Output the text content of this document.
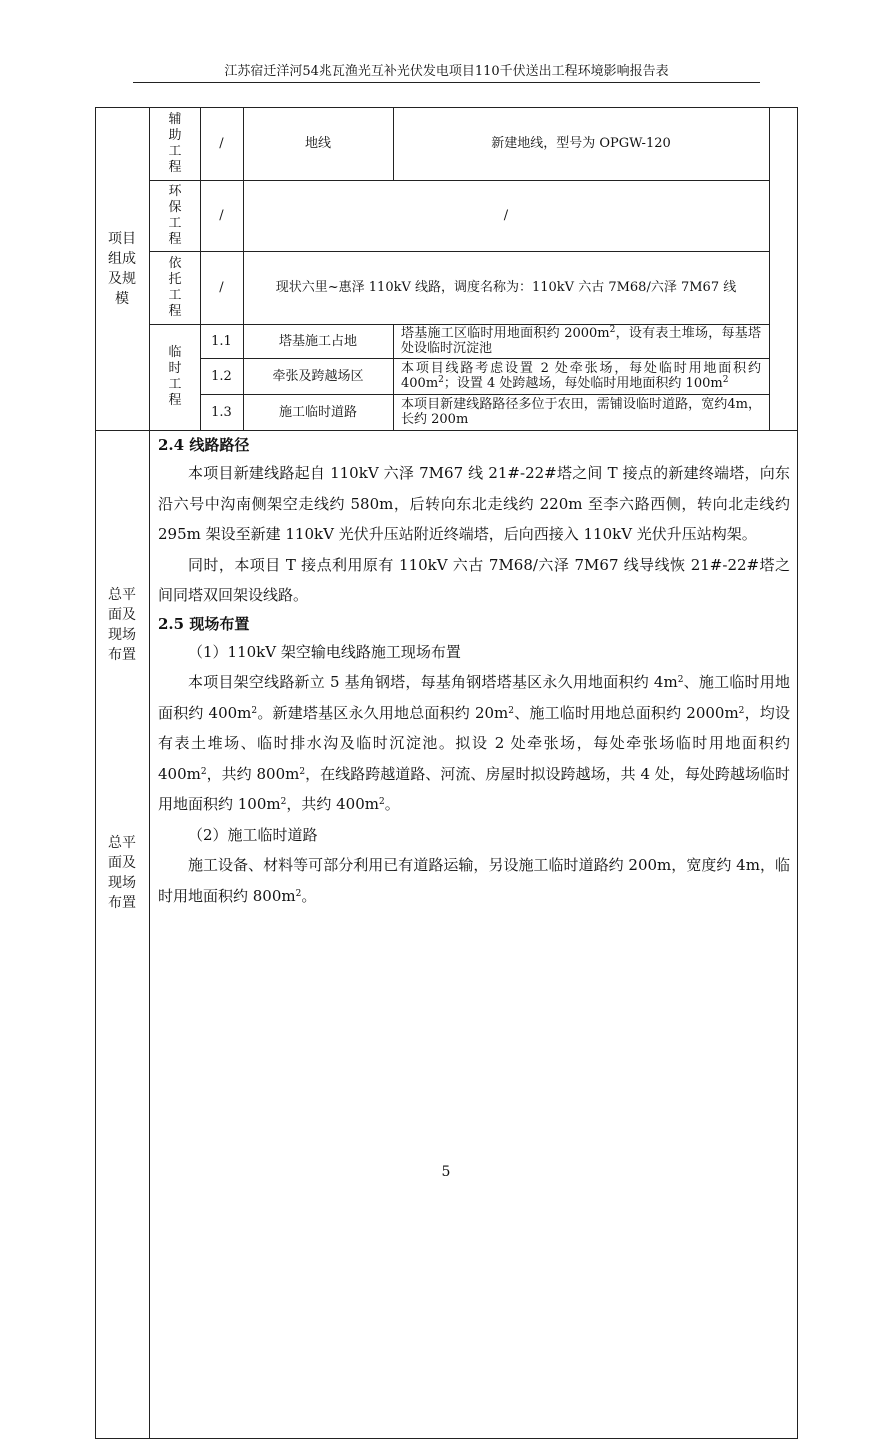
江苏宿迁洋河54兆瓦渔光互补光伏发电项目110千伏送出工程环境影响报告表
项目组成及规模
辅助工程
/	地线	新建地线，型号为 OPGW-120
环保工程
/	/
依托工程
/	现状六里~惠泽 110kV 线路，调度名称为：110kV 六古 7M68/六泽 7M67 线
临时工程
1.1	塔基施工占地	塔基施工区临时用地面积约 $2000m^2$，设有表土堆场，每基塔处设临时沉淀池
1.2	牵张及跨越场区	本项目线路考虑设置 2 处牵张场，每处临时用地面积约$400m^2$；设置 4 处跨越场，每处临时用地面积约 $100m^2$
1.3	施工临时道路	本项目新建线路路径多位于农田，需铺设临时道路，宽约4m，长约 200m
总平面及现场布置
总平面及现场布置
2.4 线路路径

本项目新建线路起自 110kV 六泽 7M67 线 21#-22#塔之间 T 接点的新建终端塔，向东沿六号中沟南侧架空走线约 580m，后转向东北走线约 220m 至李六路西侧，转向北走线约 295m 架设至新建 110kV 光伏升压站附近终端塔，后向西接入 110kV 光伏升压站构架。

同时，本项目 T 接点利用原有 110kV 六古 7M68/六泽 7M67 线导线恢 21#-22#塔之间同塔双回架设线路。

2.5 现场布置

（1）110kV 架空输电线路施工现场布置

本项目架空线路新立 5 基角钢塔，每基角钢塔塔基区永久用地面积约 $4m^2$、施工临时用地面积约 $400m^2$。新建塔基区永久用地总面积约 $20m^2$、施工临时用地总面积约 $2000m^2$，均设有表土堆场、临时排水沟及临时沉淀池。拟设 2 处牵张场，每处牵张场临时用地面积约 $400m^2$，共约 $800m^2$，在线路跨越道路、河流、房屋时拟设跨越场，共 4 处，每处跨越场临时用地面积约 $100m^2$，共约 $400m^2$。

（2）施工临时道路

施工设备、材料等可部分利用已有道路运输，另设施工临时道路约 200m，宽度约 4m，临时用地面积约 $800m^2$。

5
